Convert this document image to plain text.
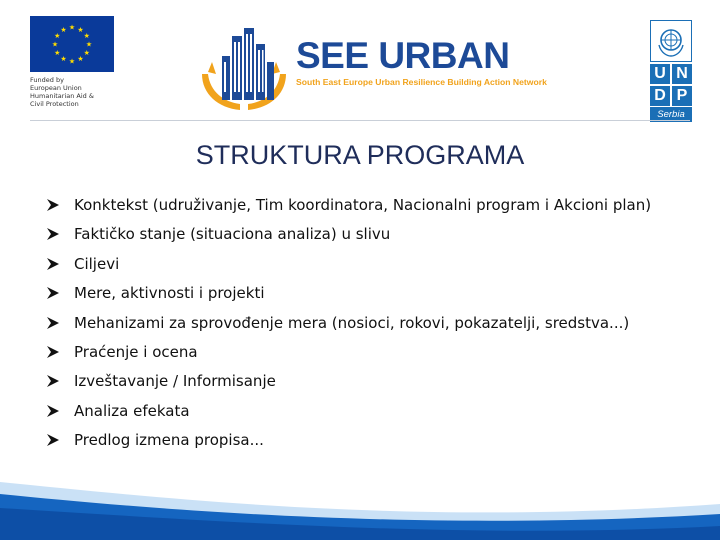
★
★
★
★
★
★
★
★
★ ★ ★
★
Funded by
European Union
Humanitarian Aid &
Civil Protection
SEE URBAN
South East Europe Urban Resilience Building Action Network	U N
D P
Serbia
STRUKTURA PROGRAMA
Konktekst (udruživanje, Tim koordinatora, Nacionalni program i Akcioni plan)
Faktičko stanje (situaciona analiza) u slivu
Ciljevi
Mere, aktivnosti i projekti
Mehanizami za sprovođenje mera (nosioci, rokovi, pokazatelji, sredstva...)
Praćenje i ocena
Izveštavanje / Informisanje
Analiza efekata
Predlog izmena propisa...
